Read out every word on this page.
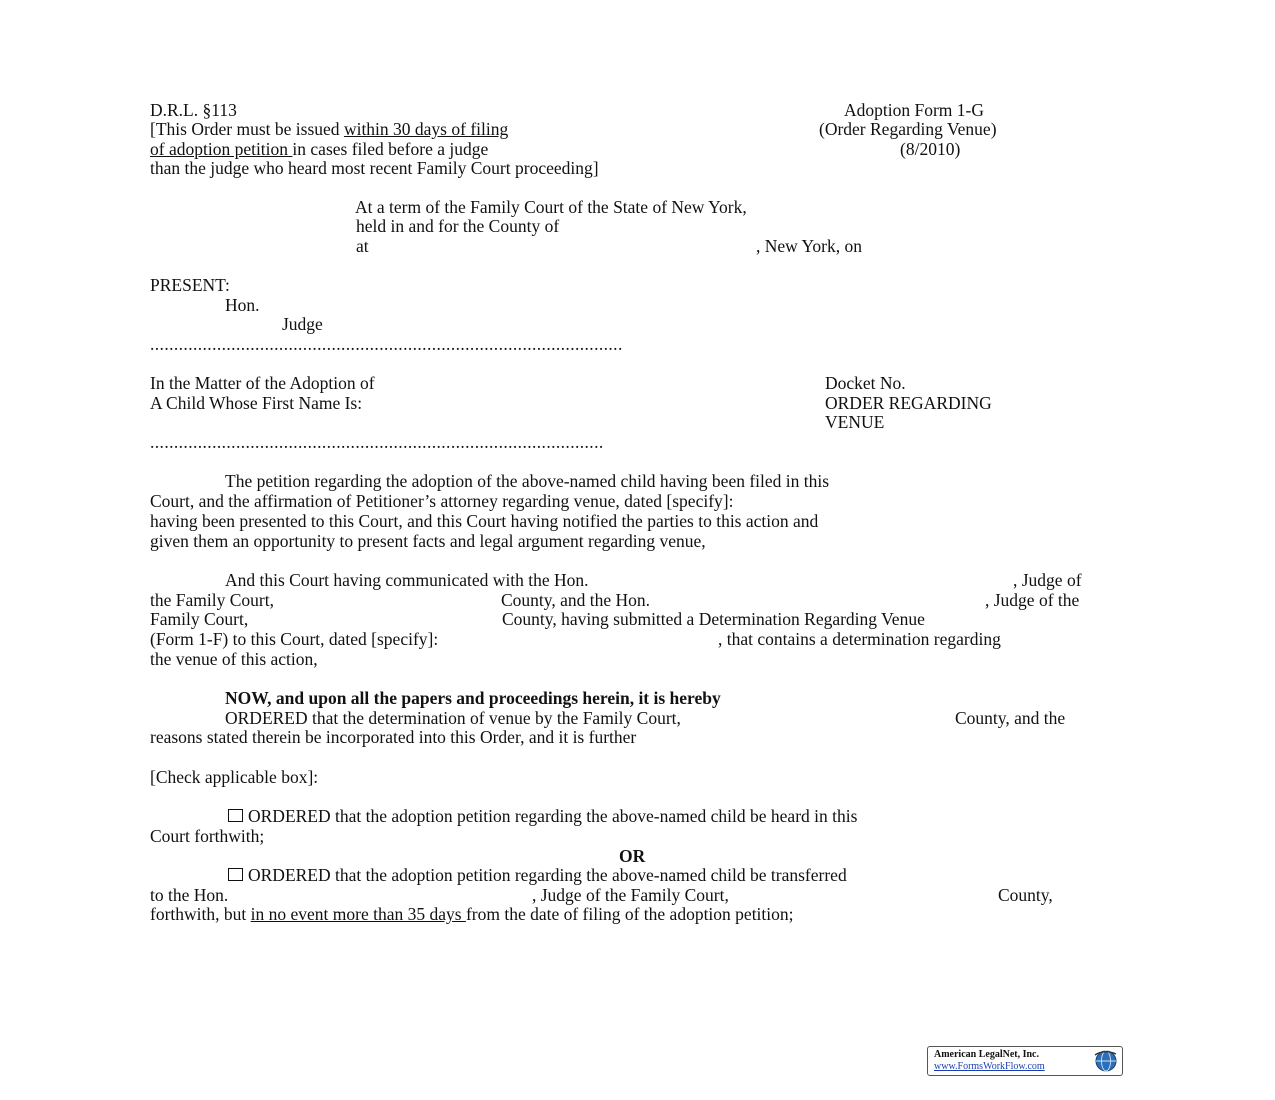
D.R.L. §113
[This Order must be issued within 30 days of filing
of adoption petition in cases filed before a judge
than the judge who heard most recent Family Court proceeding]
Adoption Form 1-G
(Order Regarding Venue)
(8/2010)
At a term of the Family Court of the State of New York,
held in and for the County of
at	, New York, on
PRESENT:
Hon.
Judge
...................................................................................................
In the Matter of the Adoption of
A Child Whose First Name Is:
Docket No.
ORDER REGARDING
VENUE
...............................................................................................
The petition regarding the adoption of the above-named child having been filed in this
Court, and the affirmation of Petitioner’s attorney regarding venue, dated [specify]:
having been presented to this Court, and this Court having notified the parties to this action and
given them an opportunity to present facts and legal argument regarding venue,
And this Court having communicated with the Hon.	, Judge of
the Family Court,	County, and the Hon.	, Judge of the
Family Court,	County, having submitted a Determination Regarding Venue
(Form 1-F) to this Court, dated [specify]:	, that contains a determination regarding
the venue of this action,
NOW, and upon all the papers and proceedings herein, it is hereby
ORDERED that the determination of venue by the Family Court,	County, and the
reasons stated therein be incorporated into this Order, and it is further
[Check applicable box]:
ORDERED that the adoption petition regarding the above-named child be heard in this
Court forthwith;
OR
ORDERED that the adoption petition regarding the above-named child be transferred
to the Hon.	, Judge of the Family Court,	County,
forthwith, but in no event more than 35 days from the date of filing of the adoption petition;
American LegalNet, Inc.
www.FormsWorkFlow.com
